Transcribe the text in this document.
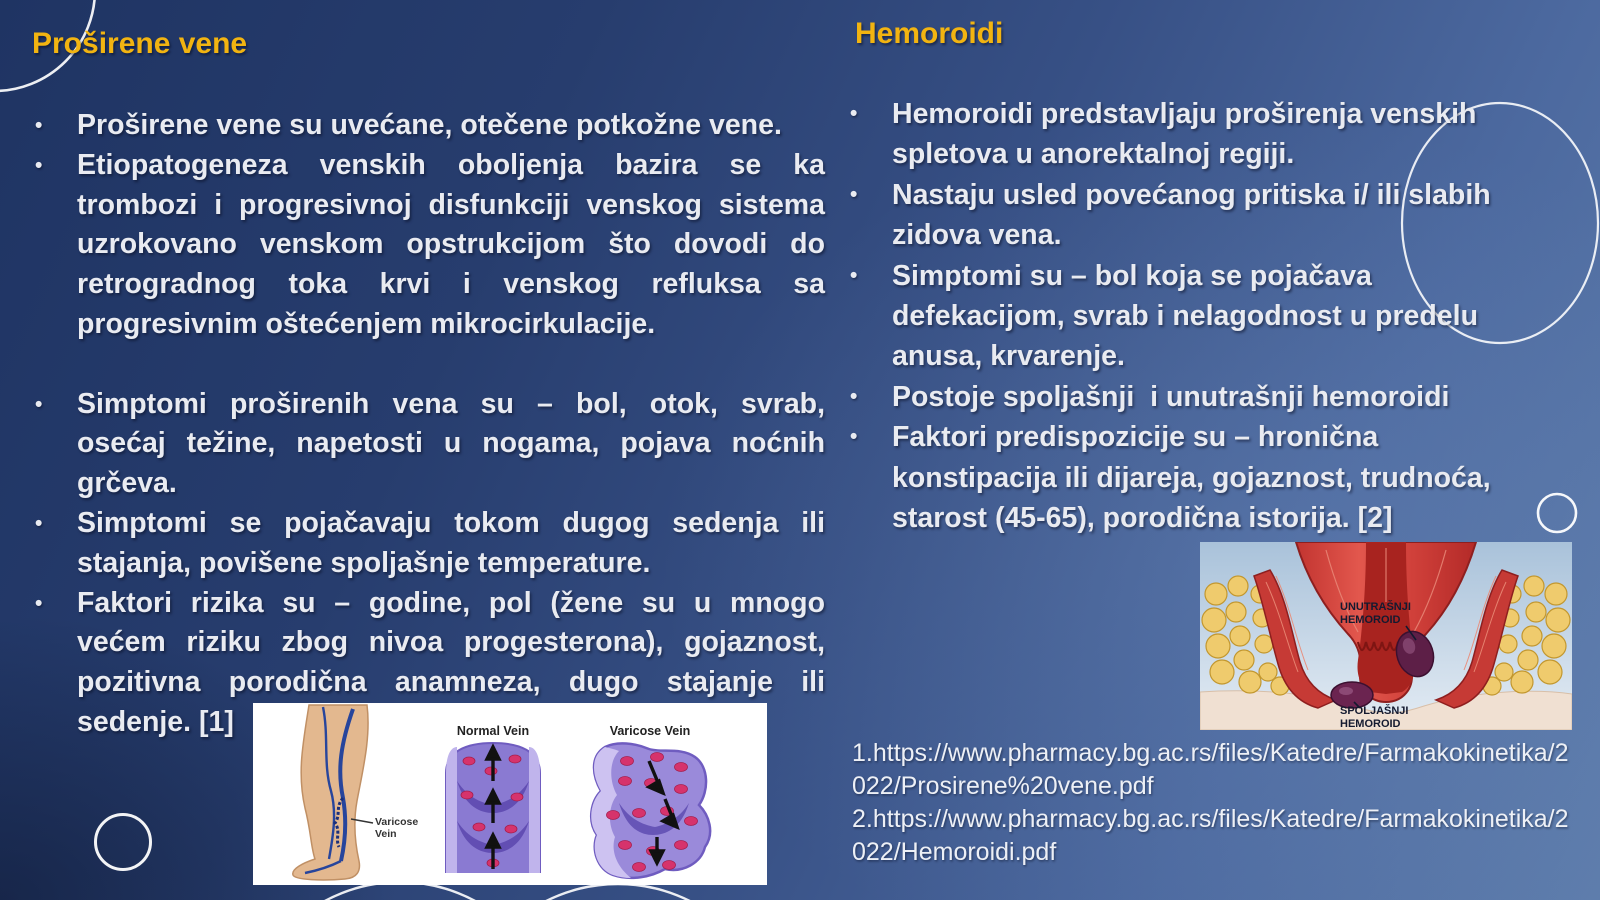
Proširene vene	Hemoroidi
•	Proširene vene su uvećane, otečene potkožne vene.
•	Etiopatogeneza venskih oboljenja bazira se ka
trombozi i progresivnoj disfunkciji venskog sistema
uzrokovano venskom opstrukcijom što dovodi do
retrogradnog toka krvi i venskog refluksa sa
progresivnim oštećenjem mikrocirkulacije.
•	Simptomi proširenih vena su – bol, otok, svrab,
osećaj težine, napetosti u nogama, pojava noćnih
grčeva.
•	Simptomi se pojačavaju tokom dugog sedenja ili
stajanja, povišene spoljašnje temperature.
•	Faktori rizika su – godine, pol (žene su u mnogo
većem riziku zbog nivoa progesterona), gojaznost,
pozitivna porodična anamneza, dugo stajanje ili
sedenje. [1]
•	Hemoroidi predstavljaju proširenja venskih
spletova u anorektalnoj regiji.
•	Nastaju usled povećanog pritiska i/ ili slabih
zidova vena.
•	Simptomi su – bol koja se pojačava
defekacijom, svrab i nelagodnost u predelu
anusa, krvarenje.
•	Postoje spoljašnji  i unutrašnji hemoroidi
•	Faktori predispozicije su – hronična
konstipacija ili dijareja, gojaznost, trudnoća,
starost (45-65), porodična istorija. [2]
Varicose
Vein
Normal Vein	Varicose Vein
UNUTRAŠNJI
HEMOROID
SPOLJAŠNJI
HEMOROID
1.https://www.pharmacy.bg.ac.rs/files/Katedre/Farmakokinetika/2
022/Prosirene%20vene.pdf
2.https://www.pharmacy.bg.ac.rs/files/Katedre/Farmakokinetika/2
022/Hemoroidi.pdf
